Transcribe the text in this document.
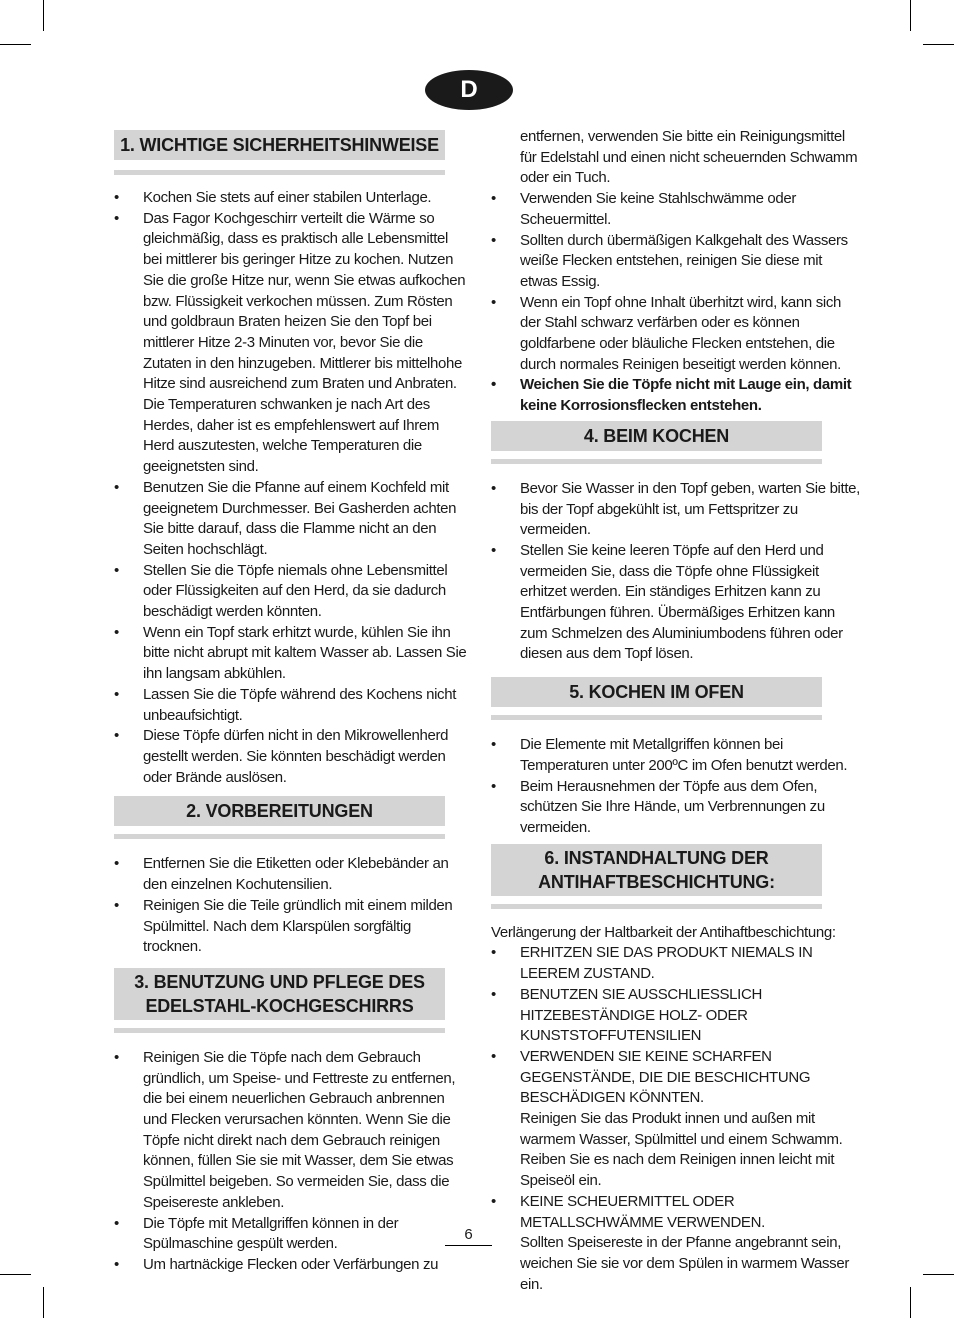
D
1. WICHTIGE SICHERHEITSHINWEISE
• Kochen Sie stets auf einer stabilen Unterlage.
• Das Fagor Kochgeschirr verteilt die Wärme so gleichmäßig, dass es praktisch alle Lebensmittel bei mittlerer bis geringer Hitze zu kochen. Nutzen Sie die große Hitze nur, wenn Sie etwas aufkochen bzw. Flüssigkeit verkochen müssen. Zum Rösten und goldbraun Braten heizen Sie den Topf bei mittlerer Hitze 2-3 Minuten vor, bevor Sie die Zutaten in den hinzugeben. Mittlerer bis mittelhohe Hitze sind ausreichend zum Braten und Anbraten. Die Temperaturen schwanken je nach Art des Herdes, daher ist es empfehlenswert auf Ihrem Herd auszutesten, welche Temperaturen die geeignetsten sind.
• Benutzen Sie die Pfanne auf einem Kochfeld mit geeignetem Durchmesser. Bei Gasherden achten Sie bitte darauf, dass die Flamme nicht an den Seiten hochschlägt.
• Stellen Sie die Töpfe niemals ohne Lebensmittel oder Flüssigkeiten auf den Herd, da sie dadurch beschädigt werden könnten.
• Wenn ein Topf stark erhitzt wurde, kühlen Sie ihn bitte nicht abrupt mit kaltem Wasser ab. Lassen Sie ihn langsam abkühlen.
• Lassen Sie die Töpfe während des Kochens nicht unbeaufsichtigt.
• Diese Töpfe dürfen nicht in den Mikrowellenherd gestellt werden. Sie könnten beschädigt werden oder Brände auslösen.
2. VORBEREITUNGEN
• Entfernen Sie die Etiketten oder Klebebänder an den einzelnen Kochutensilien.
• Reinigen Sie die Teile gründlich mit einem milden Spülmittel. Nach dem Klarspülen sorgfältig trocknen.
3. BENUTZUNG UND PFLEGE DES
EDELSTAHL-KOCHGESCHIRRS
• Reinigen Sie die Töpfe nach dem Gebrauch gründlich, um Speise- und Fettreste zu entfernen, die bei einem neuerlichen Gebrauch anbrennen und Flecken verursachen könnten. Wenn Sie die Töpfe nicht direkt nach dem Gebrauch reinigen können, füllen Sie sie mit Wasser, dem Sie etwas Spülmittel beigeben. So vermeiden Sie, dass die Speisereste ankleben.
• Die Töpfe mit Metallgriffen können in der Spülmaschine gespült werden.
• Um hartnäckige Flecken oder Verfärbungen zu
entfernen, verwenden Sie bitte ein Reinigungsmittel für Edelstahl und einen nicht scheuernden Schwamm oder ein Tuch.
• Verwenden Sie keine Stahlschwämme oder Scheuermittel.
• Sollten durch übermäßigen Kalkgehalt des Wassers weiße Flecken entstehen, reinigen Sie diese mit etwas Essig.
• Wenn ein Topf ohne Inhalt überhitzt wird, kann sich der Stahl schwarz verfärben oder es können goldfarbene oder bläuliche Flecken entstehen, die durch normales Reinigen beseitigt werden können.
• Weichen Sie die Töpfe nicht mit Lauge ein, damit keine Korrosionsflecken entstehen.
4. BEIM KOCHEN
• Bevor Sie Wasser in den Topf geben, warten Sie bitte, bis der Topf abgekühlt ist, um Fettspritzer zu vermeiden.
• Stellen Sie keine leeren Töpfe auf den Herd und vermeiden Sie, dass die Töpfe ohne Flüssigkeit erhitzet werden. Ein ständiges Erhitzen kann zu Entfärbungen führen. Übermäßiges Erhitzen kann zum Schmelzen des Aluminiumbodens führen oder diesen aus dem Topf lösen.
5. KOCHEN IM OFEN
• Die Elemente mit Metallgriffen können bei Temperaturen unter 200ºC im Ofen benutzt werden.
• Beim Herausnehmen der Töpfe aus dem Ofen, schützen Sie Ihre Hände, um Verbrennungen zu vermeiden.
6. INSTANDHALTUNG DER
ANTIHAFTBESCHICHTUNG:
Verlängerung der Haltbarkeit der Antihaftbeschichtung:
• ERHITZEN SIE DAS PRODUKT NIEMALS IN LEEREM ZUSTAND.
• BENUTZEN SIE AUSSCHLIESSLICH HITZEBESTÄNDIGE HOLZ- ODER KUNSTSTOFFUTENSILIEN
• VERWENDEN SIE KEINE SCHARFEN GEGENSTÄNDE, DIE DIE BESCHICHTUNG BESCHÄDIGEN KÖNNTEN.
Reinigen Sie das Produkt innen und außen mit warmem Wasser, Spülmittel und einem Schwamm.
Reiben Sie es nach dem Reinigen innen leicht mit Speiseöl ein.
• KEINE SCHEUERMITTEL ODER METALLSCHWÄMME VERWENDEN.
Sollten Speisereste in der Pfanne angebrannt sein, weichen Sie sie vor dem Spülen in warmem Wasser ein.
6
